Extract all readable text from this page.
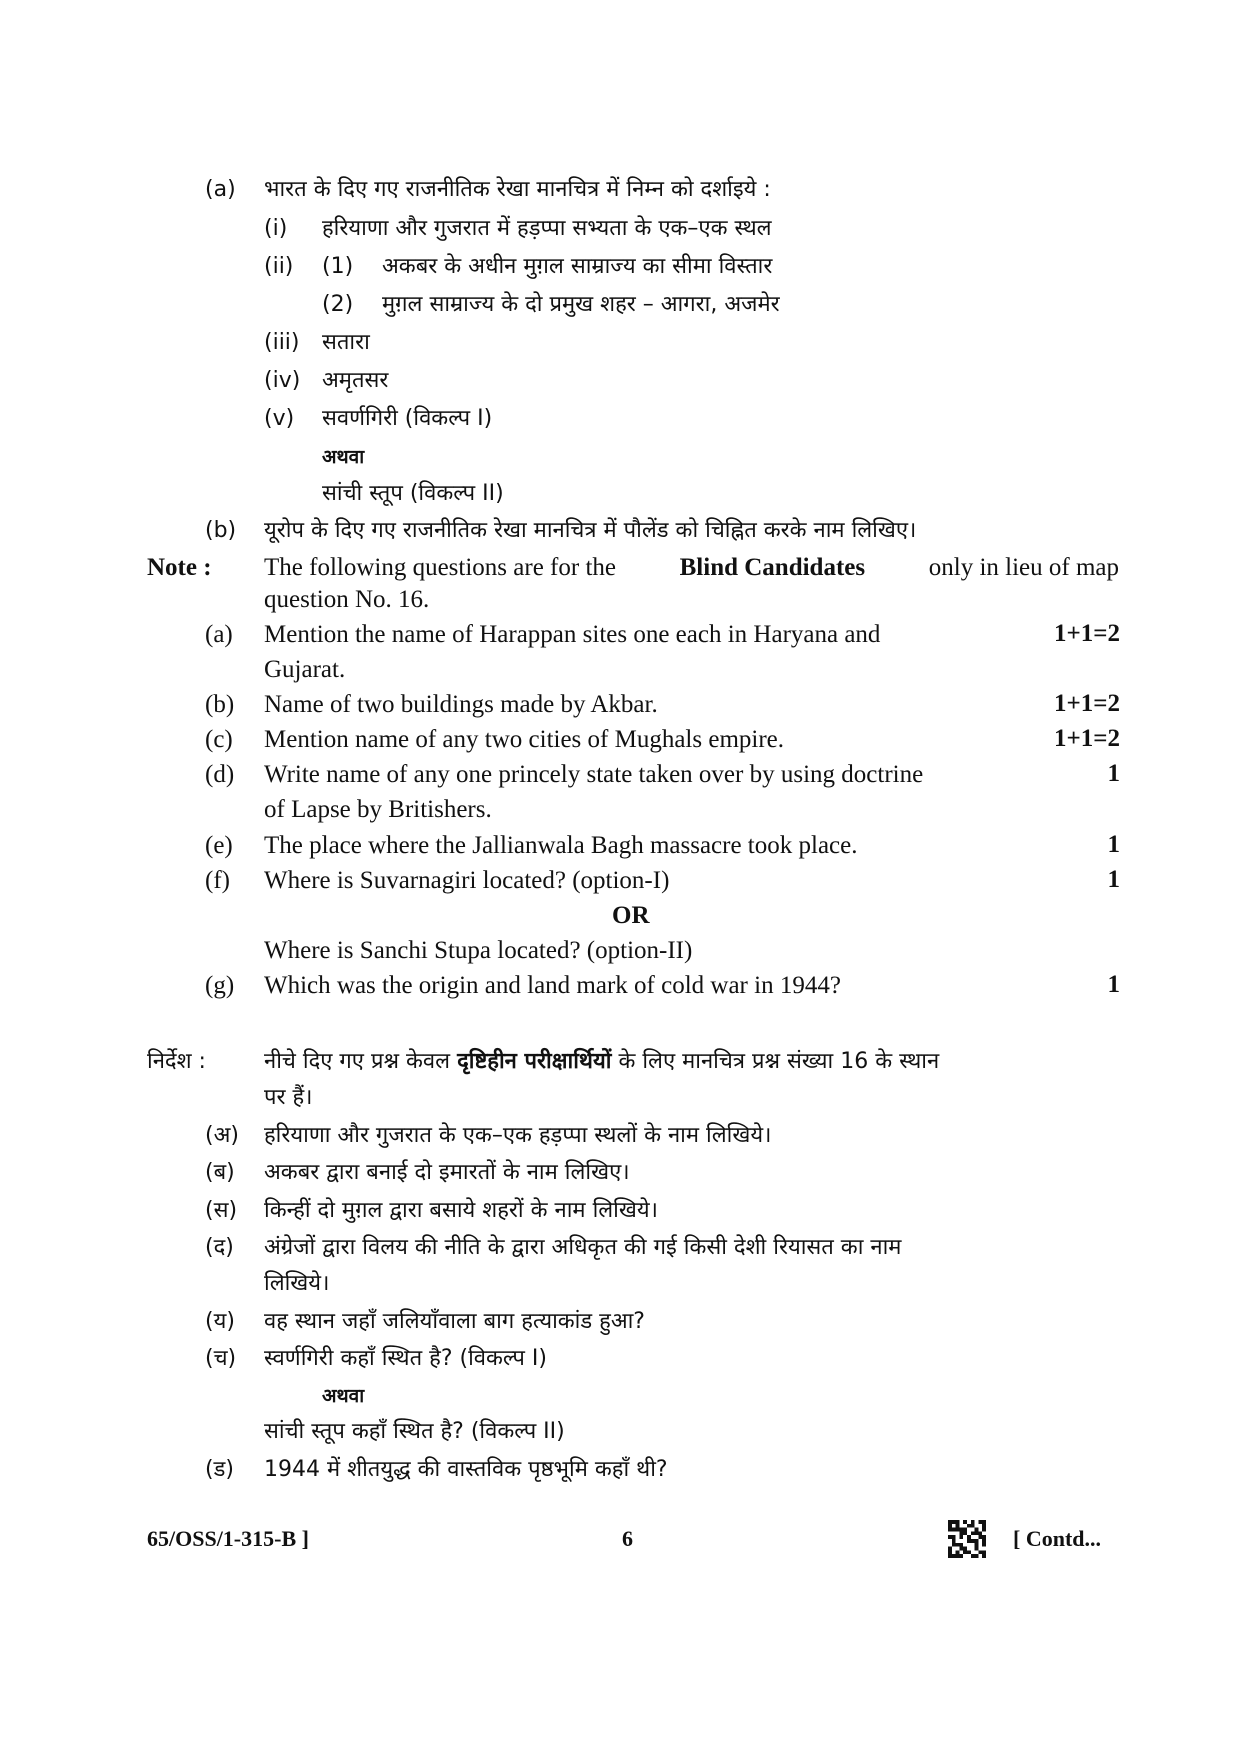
(a) भारत के दिए गए राजनीतिक रेखा मानचित्र में निम्न को दर्शाइये :
(i) हरियाणा और गुजरात में हड़प्पा सभ्यता के एक–एक स्थल
(ii) (1) अकबर के अधीन मुग़ल साम्राज्य का सीमा विस्तार
(2) मुग़ल साम्राज्य के दो प्रमुख शहर – आगरा, अजमेर
(iii) सतारा
(iv) अमृतसर
(v) सवर्णगिरी (विकल्प I)
अथवा
सांची स्तूप (विकल्प II)
(b) यूरोप के दिए गए राजनीतिक रेखा मानचित्र में पौलेंड को चिह्नित करके नाम लिखिए।
Note : The following questions are for the	Blind Candidates	only in lieu of map
question No. 16.
(a) Mention the name of Harappan sites one each in Haryana and	1+1=2
Gujarat.
(b) Name of two buildings made by Akbar.	1+1=2
(c) Mention name of any two cities of Mughals empire.	1+1=2
(d) Write name of any one princely state taken over by using doctrine	1
of Lapse by Britishers.
(e) The place where the Jallianwala Bagh massacre took place.	1
(f) Where is Suvarnagiri located? (option-I)	1
OR
Where is Sanchi Stupa located? (option-II)
(g) Which was the origin and land mark of cold war in 1944?	1
निर्देश :	नीचे दिए गए प्रश्न केवल दृष्टिहीन परीक्षार्थियों के लिए मानचित्र प्रश्न संख्या 16 के स्थान
पर हैं।
(अ) हरियाणा और गुजरात के एक–एक हड़प्पा स्थलों के नाम लिखिये।
(ब) अकबर द्वारा बनाई दो इमारतों के नाम लिखिए।
(स) किन्हीं दो मुग़ल द्वारा बसाये शहरों के नाम लिखिये।
(द) अंग्रेजों द्वारा विलय की नीति के द्वारा अधिकृत की गई किसी देशी रियासत का नाम
लिखिये।
(य) वह स्थान जहाँ जलियाँवाला बाग हत्याकांड हुआ?
(च) स्वर्णगिरी कहाँ स्थित है? (विकल्प I)
अथवा
सांची स्तूप कहाँ स्थित है? (विकल्प II)
(ड) 1944 में शीतयुद्ध की वास्तविक पृष्ठभूमि कहाँ थी?
65/OSS/1-315-B ]	6	[ Contd...
